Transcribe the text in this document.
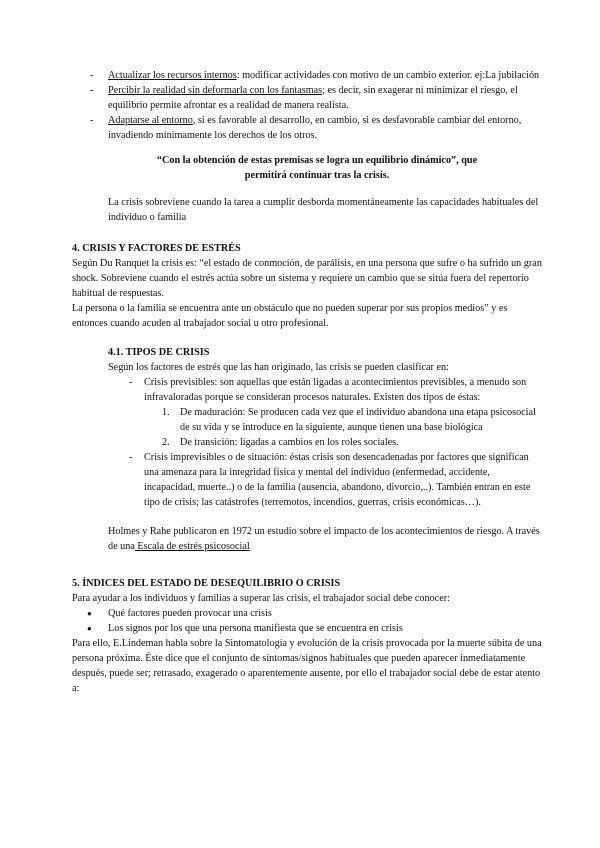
- Actualizar los recursos internos: modificar actividades con motivo de un cambio exterior. ej:La jubilación
- Percibir la realidad sin deformarla con los fantasmas; es decir, sin exagerar ni minimizar el riesgo, el equilibrio permite afrontar es a realidad de manera realista.
- Adaptarse al entorno, si es favorable al desarrollo, en cambio, si es desfavorable cambiar del entorno, invadiendo mínimamente los derechos de los otros.
“Con la obtención de estas premisas se logra un equilibrio dinámico”, que permitirá continuar tras la crisis.
La crisis sobreviene cuando la tarea a cumplir desborda momentáneamente las capacidades habituales del individuo o familia
4. CRISIS Y FACTORES DE ESTRÉS
Según Du Ranquet la crisis es: “el estado de conmoción, de parálisis, en una persona que sufre o ha sufrido un gran shock. Sobreviene cuando el estrés actúa sobre un sistema y requiere un cambio que se sitúa fuera del repertorio habitual de respuestas.
La persona o la familia se encuentra ante un obstáculo que no pueden superar por sus propios medios” y es entonces cuando acuden al trabajador social u otro profesional.
4.1. TIPOS DE CRISIS
Según los factores de estrés que las han originado, las crisis se pueden clasificar en:
- Crisis previsibles: son aquellas que están ligadas a acontecimientos previsibles, a menudo son infravaloradas porque se consideran procesos naturales. Existen dos tipos de éstas:
1. De maduración: Se producen cada vez que el individuo abandona una etapa psicosocial de su vida y se introduce en la siguiente, aunque tienen una base biológica
2. De transición: ligadas a cambios en los roles sociales.
- Crisis imprevisibles o de situación: éstas crisis son desencadenadas por factores que significan una amenaza para la integridad física y mental del individuo (enfermedad, accidente, incapacidad, muerte..) o de la familia (ausencia, abandono, divorcio,..). También entran en este tipo de crisis; las catástrofes (terremotos, incendios, guerras, crisis económicas…).
Holmes y Rahe publicaron en 1972 un estudio sobre el impacto de los acontecimientos de riesgo. A través de una Escala de estrés psicosocial
5. ÍNDICES DEL ESTADO DE DESEQUILIBRIO O CRISIS
Para ayudar a los individuos y familias a superar las crisis, el trabajador social debe conocer:
● Qué factores pueden provocar una crisis
● Los signos por los que una persona manifiesta que se encuentra en crisis
Para ello, E.Lindeman habla sobre la Sintomatología y evolución de la crisis provocada por la muerte súbita de una persona próxima. Éste dice que el conjunto de síntomas/signos habituales que pueden aparecer inmediatamente después, puede ser; retrasado, exagerado o aparentemente ausente, por ello el trabajador social debe de estar atento a:
